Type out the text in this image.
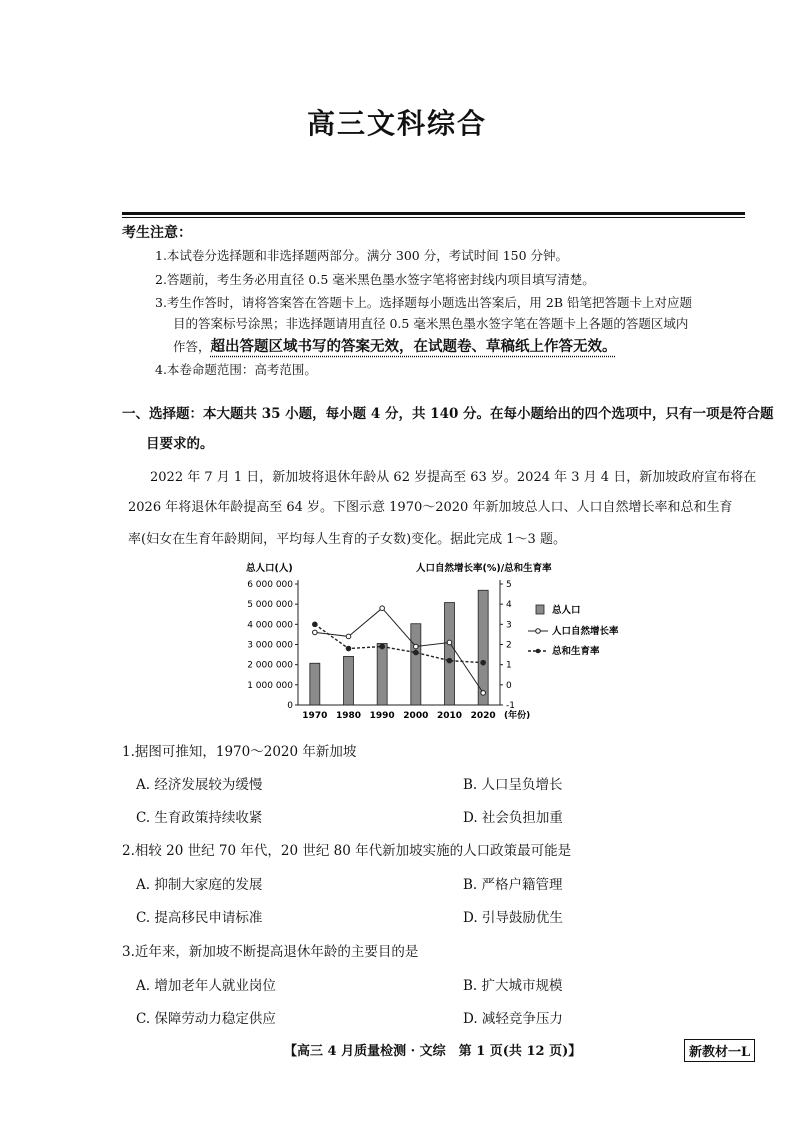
高三文科综合
考生注意：
1.本试卷分选择题和非选择题两部分。满分 300 分，考试时间 150 分钟。
2.答题前，考生务必用直径 0.5 毫米黑色墨水签字笔将密封线内项目填写清楚。
3.考生作答时，请将答案答在答题卡上。选择题每小题选出答案后，用 2B 铅笔把答题卡上对应题
目的答案标号涂黑；非选择题请用直径 0.5 毫米黑色墨水签字笔在答题卡上各题的答题区域内
作答，超出答题区域书写的答案无效，在试题卷、草稿纸上作答无效。
4.本卷命题范围：高考范围。
一、选择题：本大题共 35 小题，每小题 4 分，共 140 分。在每小题给出的四个选项中，只有一项是符合题
目要求的。
2022 年 7 月 1 日，新加坡将退休年龄从 62 岁提高至 63 岁。2024 年 3 月 4 日，新加坡政府宣布将在
2026 年将退休年龄提高至 64 岁。下图示意 1970～2020 年新加坡总人口、人口自然增长率和总和生育
率(妇女在生育年龄期间，平均每人生育的子女数)变化。据此完成 1～3 题。
总人口(人)	人口自然增长率(%)/总和生育率
0
1 000 000
2 000 000
3 000 000
4 000 000
5 000 000
6 000 000
-1
0
1
2
3
4
5
1970 1980 1990 2000 2010 2020 (年份)
总人口
人口自然增长率
总和生育率
1.据图可推知，1970～2020 年新加坡
A. 经济发展较为缓慢	B. 人口呈负增长
C. 生育政策持续收紧	D. 社会负担加重
2.相较 20 世纪 70 年代，20 世纪 80 年代新加坡实施的人口政策最可能是
A. 抑制大家庭的发展	B. 严格户籍管理
C. 提高移民申请标准	D. 引导鼓励优生
3.近年来，新加坡不断提高退休年龄的主要目的是
A. 增加老年人就业岗位	B. 扩大城市规模
C. 保障劳动力稳定供应	D. 减轻竞争压力
【高三 4 月质量检测 · 文综　第 1 页(共 12 页)】	新教材一L
